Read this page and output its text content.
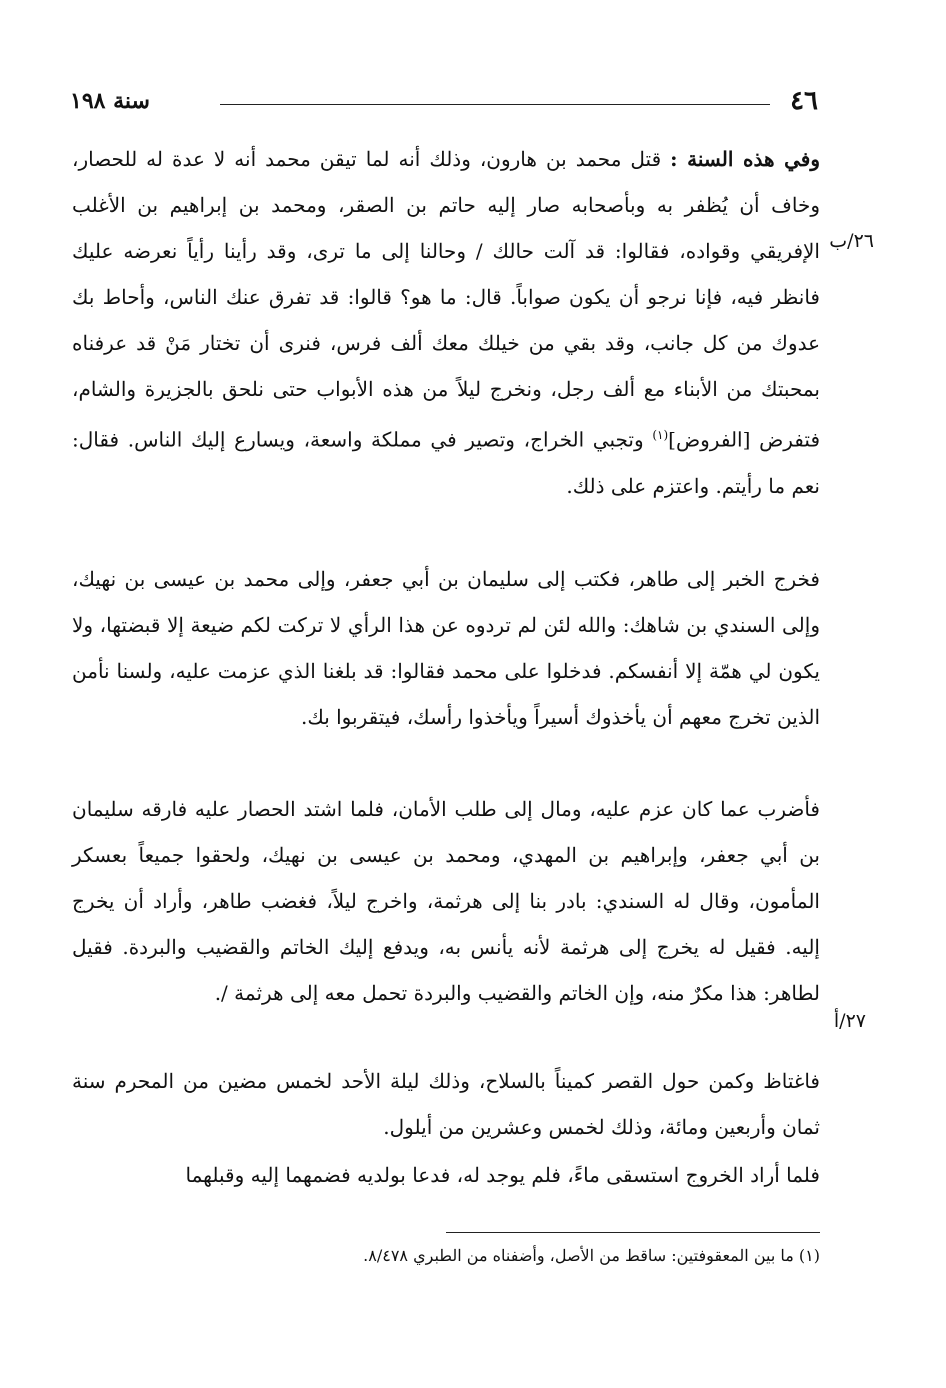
٤٦
سنة ١٩٨
وفي هذه السنة : قتل محمد بن هارون، وذلك أنه لما تيقن محمد أنه لا عدة له للحصار، وخاف أن يُظفر به وبأصحابه صار إليه حاتم بن الصقر، ومحمد بن إبراهيم بن الأغلب الإفريقي وقواده، فقالوا: قد آلت حالك / وحالنا إلى ما ترى، وقد رأينا رأياً نعرضه عليك فانظر فيه، فإنا نرجو أن يكون صواباً. قال: ما هو؟ قالوا: قد تفرق عنك الناس، وأحاط بك عدوك من كل جانب، وقد بقي من خيلك معك ألف فرس، فنرى أن تختار مَنْ قد عرفناه بمحبتك من الأبناء مع ألف رجل، ونخرج ليلاً من هذه الأبواب حتى نلحق بالجزيرة والشام، فتفرض [الفروض]$^{(١)}$ وتجبي الخراج، وتصير في مملكة واسعة، ويسارع إليك الناس. فقال: نعم ما رأيتم. واعتزم على ذلك.
فخرج الخبر إلى طاهر، فكتب إلى سليمان بن أبي جعفر، وإلى محمد بن عيسى بن نهيك، وإلى السندي بن شاهك: والله لئن لم تردوه عن هذا الرأي لا تركت لكم ضيعة إلا قبضتها، ولا يكون لي همّة إلا أنفسكم. فدخلوا على محمد فقالوا: قد بلغنا الذي عزمت عليه، ولسنا نأمن الذين تخرج معهم أن يأخذوك أسيراً ويأخذوا رأسك، فيتقربوا بك.
فأضرب عما كان عزم عليه، ومال إلى طلب الأمان، فلما اشتد الحصار عليه فارقه سليمان بن أبي جعفر، وإبراهيم بن المهدي، ومحمد بن عيسى بن نهيك، ولحقوا جميعاً بعسكر المأمون، وقال له السندي: بادر بنا إلى هرثمة، واخرج ليلاً، فغضب طاهر، وأراد أن يخرج إليه. فقيل له يخرج إلى هرثمة لأنه يأنس به، ويدفع إليك الخاتم والقضيب والبردة. فقيل لطاهر: هذا مكرٌ منه، وإن الخاتم والقضيب والبردة تحمل معه إلى هرثمة /.
فاغتاظ وكمن حول القصر كميناً بالسلاح، وذلك ليلة الأحد لخمس مضين من المحرم سنة ثمان وأربعين ومائة، وذلك لخمس وعشرين من أيلول.
فلما أراد الخروج استسقى ماءً، فلم يوجد له، فدعا بولديه فضمهما إليه وقبلهما
٢٦/ب
٢٧/أ
(١) ما بين المعقوفتين: ساقط من الأصل، وأضفناه من الطبري ٨/٤٧٨.
